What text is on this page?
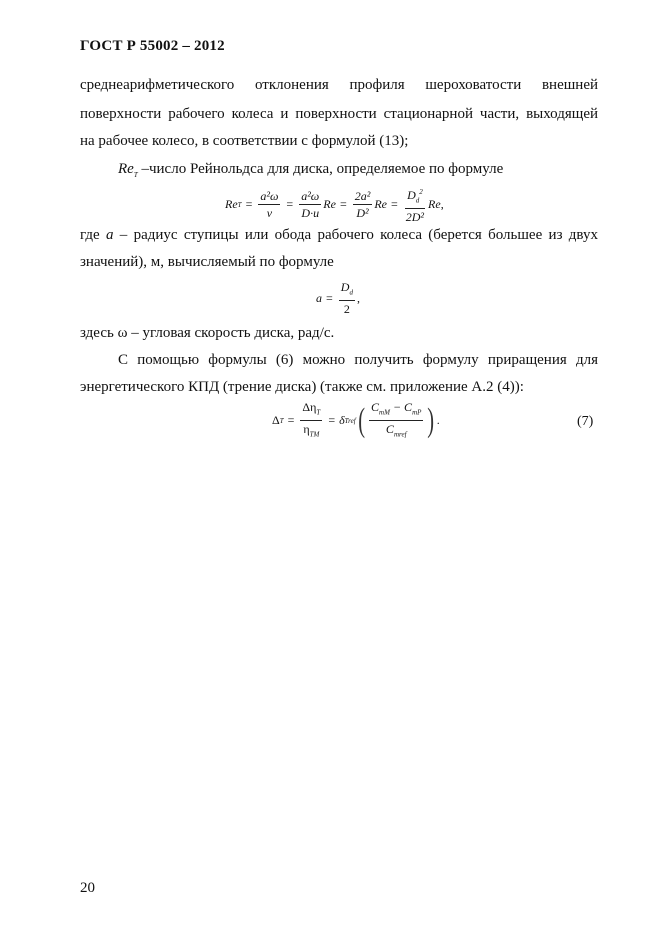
ГОСТ Р 55002 – 2012
среднеарифметического отклонения профиля шероховатости внешней
поверхности рабочего колеса и поверхности стационарной части, выходящей
на рабочее колесо, в соответствии с формулой (13);
$Re_T$ –число Рейнольдса для диска, определяемое по формуле
Re $T = \frac{\text{a²ω}}{\nu} = \frac{\text{a²ω}}{D\cdot u}$ $Re = \frac{\text{2a²}}{\text{D²}}$ $Re = \frac{D_d^2}{\text{2D²}}$ Re ,
где a – радиус ступицы или обода рабочего колеса (берется большее из двух
значений), м, вычисляемый по формуле
$a = \frac{D_d}{2}$ ,
здесь ω – угловая скорость диска, рад/с.
С помощью формулы (6) можно получить формулу приращения для
энергетического КПД (трение диска) (также см. приложение А.2 (4)):
Δ $T = \frac{\Delta\eta_T}{\eta_{TM}} = \delta$ Tref ( $\frac{C_{mM} - C_{mP}}{C_{mref}}$ ) .	(7)
20
